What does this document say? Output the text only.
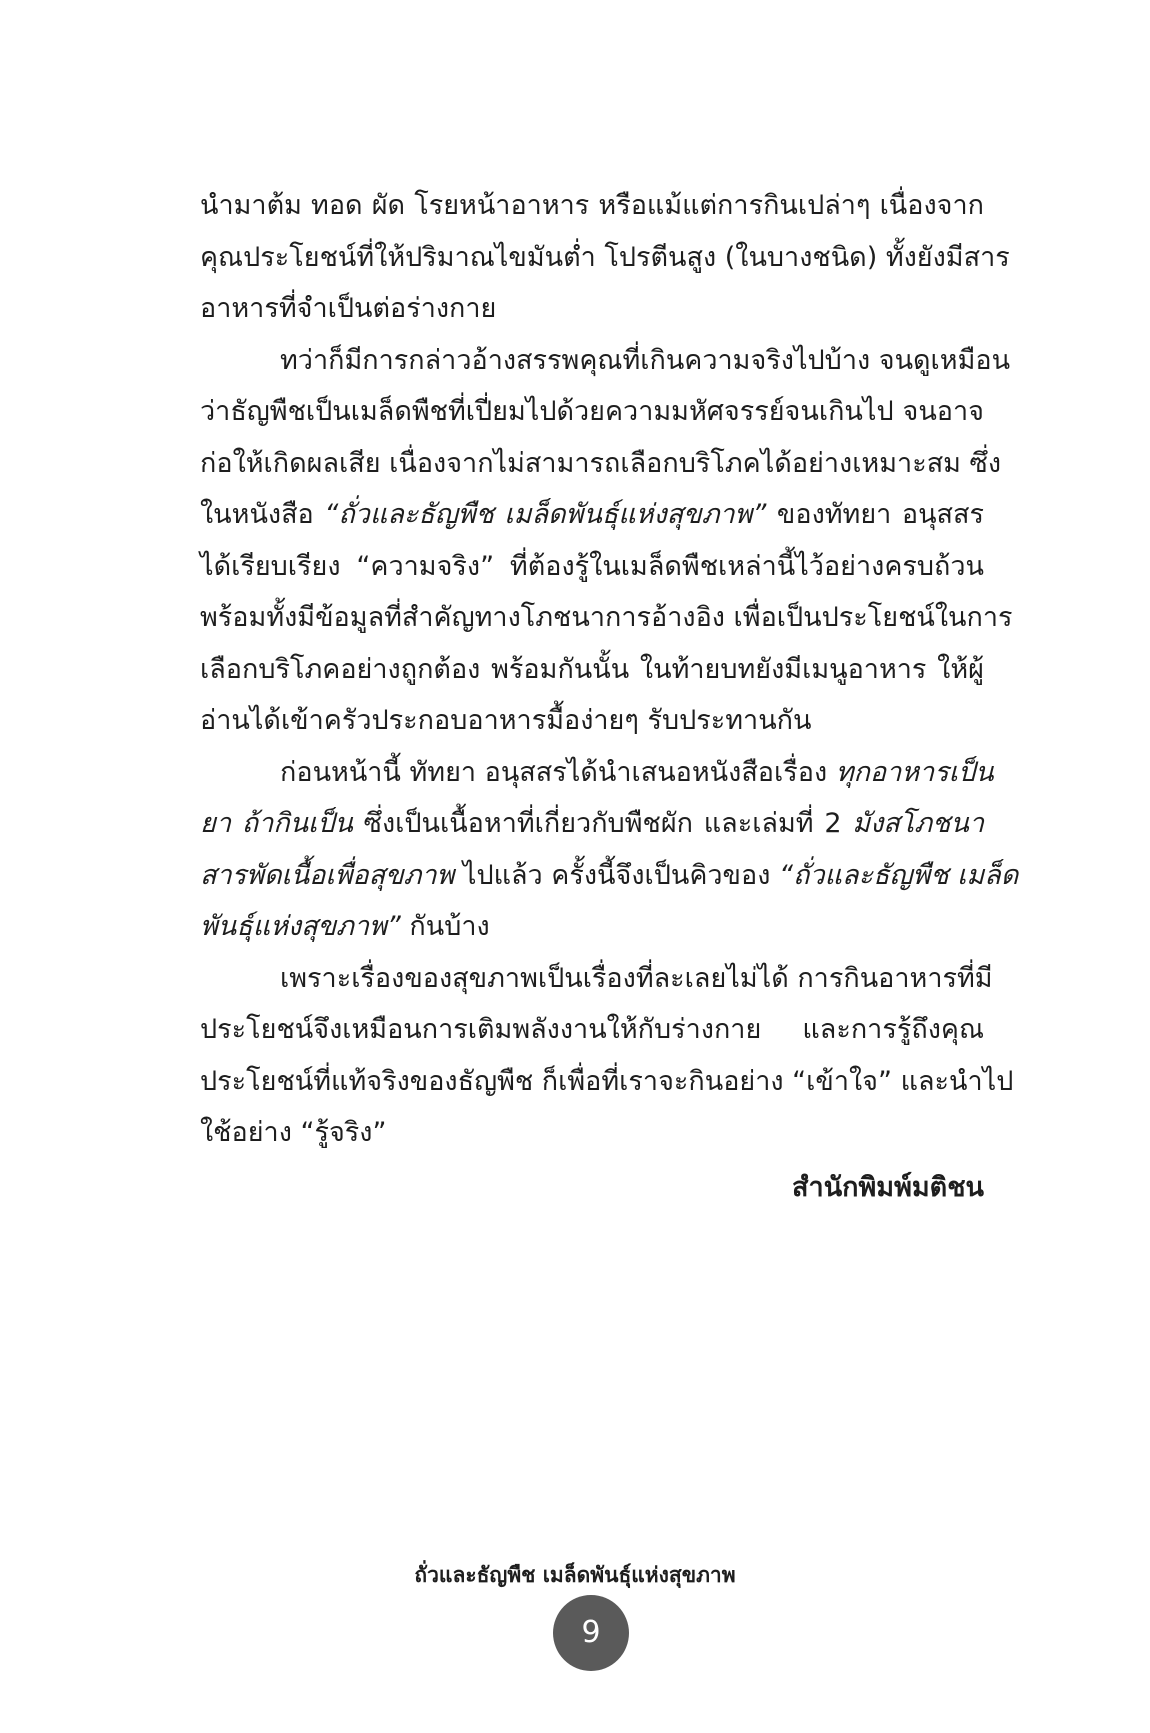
นำมาต้ม ทอด ผัด โรยหน้าอาหาร หรือแม้แต่การกินเปล่าๆ เนื่องจาก
คุณประโยชน์ที่ให้ปริมาณไขมันต่ำ โปรตีนสูง (ในบางชนิด) ทั้งยังมีสาร
อาหารที่จำเป็นต่อร่างกาย
ทว่าก็มีการกล่าวอ้างสรรพคุณที่เกินความจริงไปบ้าง จนดูเหมือน
ว่าธัญพืชเป็นเมล็ดพืชที่เปี่ยมไปด้วยความมหัศจรรย์จนเกินไป จนอาจ
ก่อให้เกิดผลเสีย เนื่องจากไม่สามารถเลือกบริโภคได้อย่างเหมาะสม ซึ่ง
ในหนังสือ “ถั่วและธัญพืช เมล็ดพันธุ์แห่งสุขภาพ” ของทัทยา อนุสสร
ได้เรียบเรียง “ความจริง” ที่ต้องรู้ในเมล็ดพืชเหล่านี้ไว้อย่างครบถ้วน
พร้อมทั้งมีข้อมูลที่สำคัญทางโภชนาการอ้างอิง เพื่อเป็นประโยชน์ในการ
เลือกบริโภคอย่างถูกต้อง พร้อมกันนั้น ในท้ายบทยังมีเมนูอาหาร ให้ผู้
อ่านได้เข้าครัวประกอบอาหารมื้อง่ายๆ รับประทานกัน
ก่อนหน้านี้ ทัทยา อนุสสรได้นำเสนอหนังสือเรื่อง ทุกอาหารเป็น
ยา ถ้ากินเป็น ซึ่งเป็นเนื้อหาที่เกี่ยวกับพืชผัก และเล่มที่ 2 มังสโภชนา
สารพัดเนื้อเพื่อสุขภาพ ไปแล้ว ครั้งนี้จึงเป็นคิวของ “ถั่วและธัญพืช เมล็ด
พันธุ์แห่งสุขภาพ” กันบ้าง
เพราะเรื่องของสุขภาพเป็นเรื่องที่ละเลยไม่ได้ การกินอาหารที่มี
ประโยชน์จึงเหมือนการเติมพลังงานให้กับร่างกาย และการรู้ถึงคุณ
ประโยชน์ที่แท้จริงของธัญพืช ก็เพื่อที่เราจะกินอย่าง “เข้าใจ” และนำไป
ใช้อย่าง “รู้จริง”
สำนักพิมพ์มติชน
ถั่วและธัญพืช เมล็ดพันธุ์แห่งสุขภาพ
9
